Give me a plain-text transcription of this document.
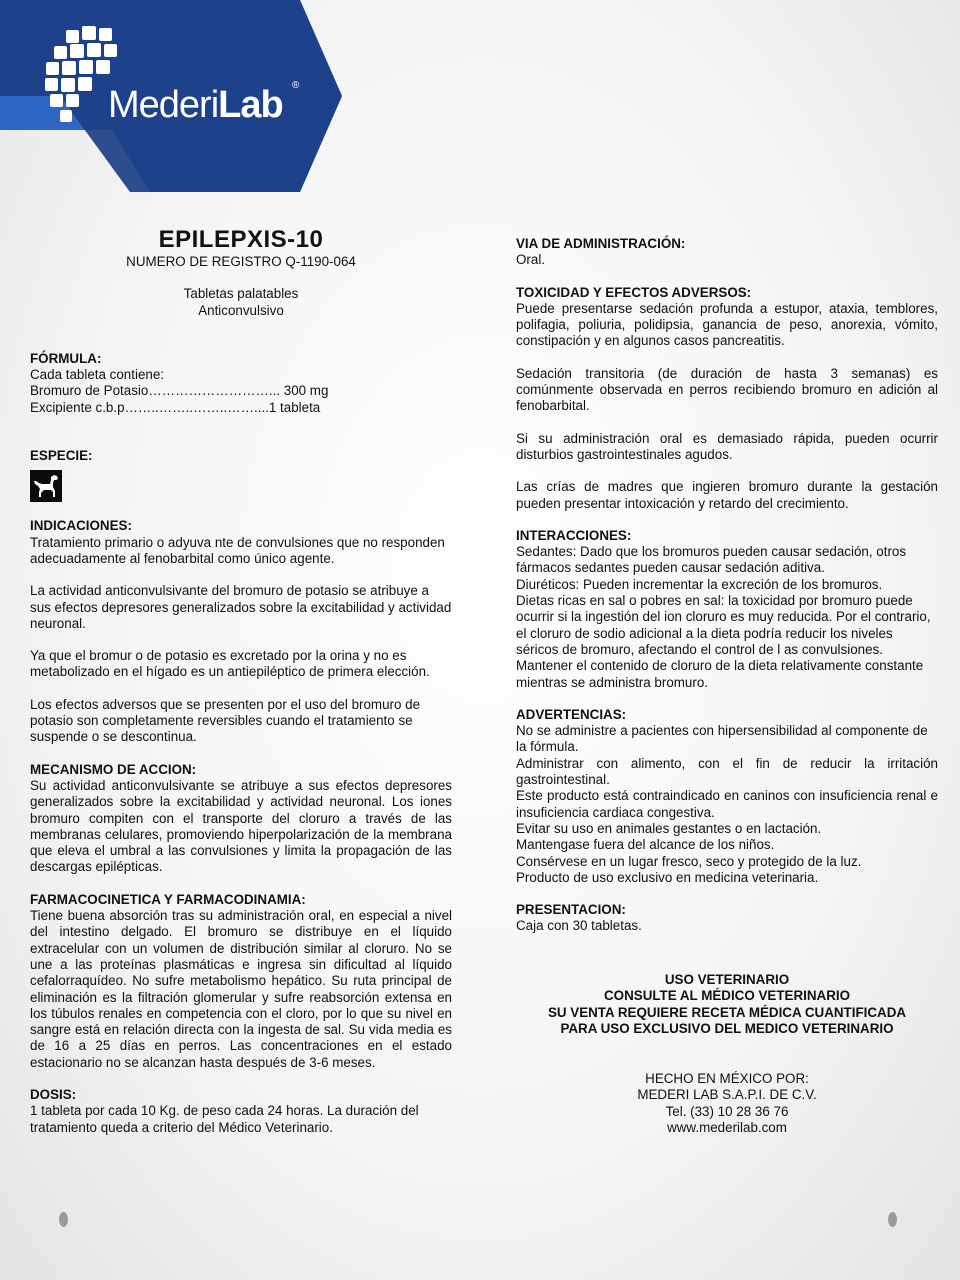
MederiLab ®
EPILEPXIS-10

NUMERO DE REGISTRO Q-1190-064

Tabletas palatables

Anticonvulsivo

FÓRMULA:

Cada tableta contiene:

Bromuro de Potasio………………………... 300 mg

Excipiente c.b.p……..……..……..……....1 tableta

ESPECIE:

INDICACIONES:

Tratamiento primario o adyuva nte de convulsiones que no responden adecuadamente al fenobarbital como único agente.

La actividad anticonvulsivante del bromuro de potasio se atribuye a sus efectos depresores generalizados sobre la excitabilidad y actividad neuronal.

Ya que el bromur o de potasio es excretado por la orina y no es metabolizado en el hígado es un antiepiléptico de primera elección.

Los efectos adversos que se presenten por el uso del bromuro de potasio son completamente reversibles cuando el tratamiento se suspende o se descontinua.

MECANISMO DE ACCION:

Su actividad anticonvulsivante se atribuye a sus efectos depresores generalizados sobre la excitabilidad y actividad neuronal. Los iones bromuro compiten con el transporte del cloruro a través de las membranas celulares, promoviendo hiperpolarización de la membrana que eleva el umbral a las convulsiones y limita la propagación de las descargas epilépticas.

FARMACOCINETICA Y FARMACODINAMIA:

Tiene buena absorción tras su administración oral, en especial a nivel del intestino delgado. El bromuro se distribuye en el líquido extracelular con un volumen de distribución similar al cloruro. No se une a las proteínas plasmáticas e ingresa sin dificultad al líquido cefalorraquídeo. No sufre metabolismo hepático. Su ruta principal de eliminación es la filtración glomerular y sufre reabsorción extensa en los túbulos renales en competencia con el cloro, por lo que su nivel en sangre está en relación directa con la ingesta de sal. Su vida media es de 16 a 25 días en perros. Las concentraciones en el estado estacionario no se alcanzan hasta después de 3-6 meses.

DOSIS:

1 tableta por cada 10 Kg. de peso cada 24 horas. La duración del tratamiento queda a criterio del Médico Veterinario.

VIA DE ADMINISTRACIÓN:

Oral.

TOXICIDAD Y EFECTOS ADVERSOS:

Puede presentarse sedación profunda a estupor, ataxia, temblores, polifagia, poliuria, polidipsia, ganancia de peso, anorexia, vómito, constipación y en algunos casos pancreatitis.

Sedación transitoria (de duración de hasta 3 semanas) es comúnmente observada en perros recibiendo bromuro en adición al fenobarbital.

Si su administración oral es demasiado rápida, pueden ocurrir disturbios gastrointestinales agudos.

Las crías de madres que ingieren bromuro durante la gestación pueden presentar intoxicación y retardo del crecimiento.

INTERACCIONES:

Sedantes: Dado que los bromuros pueden causar sedación, otros fármacos sedantes pueden causar sedación aditiva.

Diuréticos: Pueden incrementar la excreción de los bromuros.

Dietas ricas en sal o pobres en sal: la toxicidad por bromuro puede ocurrir si la ingestión del ion cloruro es muy reducida. Por el contrario, el cloruro de sodio adicional a la dieta podría reducir los niveles séricos de bromuro, afectando el control de l as convulsiones. Mantener el contenido de cloruro de la dieta relativamente constante mientras se administra bromuro.

ADVERTENCIAS:

No se administre a pacientes con hipersensibilidad al componente de la fórmula.

Administrar con alimento, con el fin de reducir la irritación gastrointestinal.

Este producto está contraindicado en caninos con insuficiencia renal e insuficiencia cardiaca congestiva.

Evitar su uso en animales gestantes o en lactación.

Mantengase fuera del alcance de los niños.

Consérvese en un lugar fresco, seco y protegido de la luz.

Producto de uso exclusivo en medicina veterinaria.

PRESENTACION:

Caja con 30 tabletas.

USO VETERINARIO

CONSULTE AL MÉDICO VETERINARIO

SU VENTA REQUIERE RECETA MÉDICA CUANTIFICADA

PARA USO EXCLUSIVO DEL MEDICO VETERINARIO

HECHO EN MÉXICO POR:

MEDERI LAB S.A.P.I. DE C.V.

Tel. (33) 10 28 36 76

www.mederilab.com
